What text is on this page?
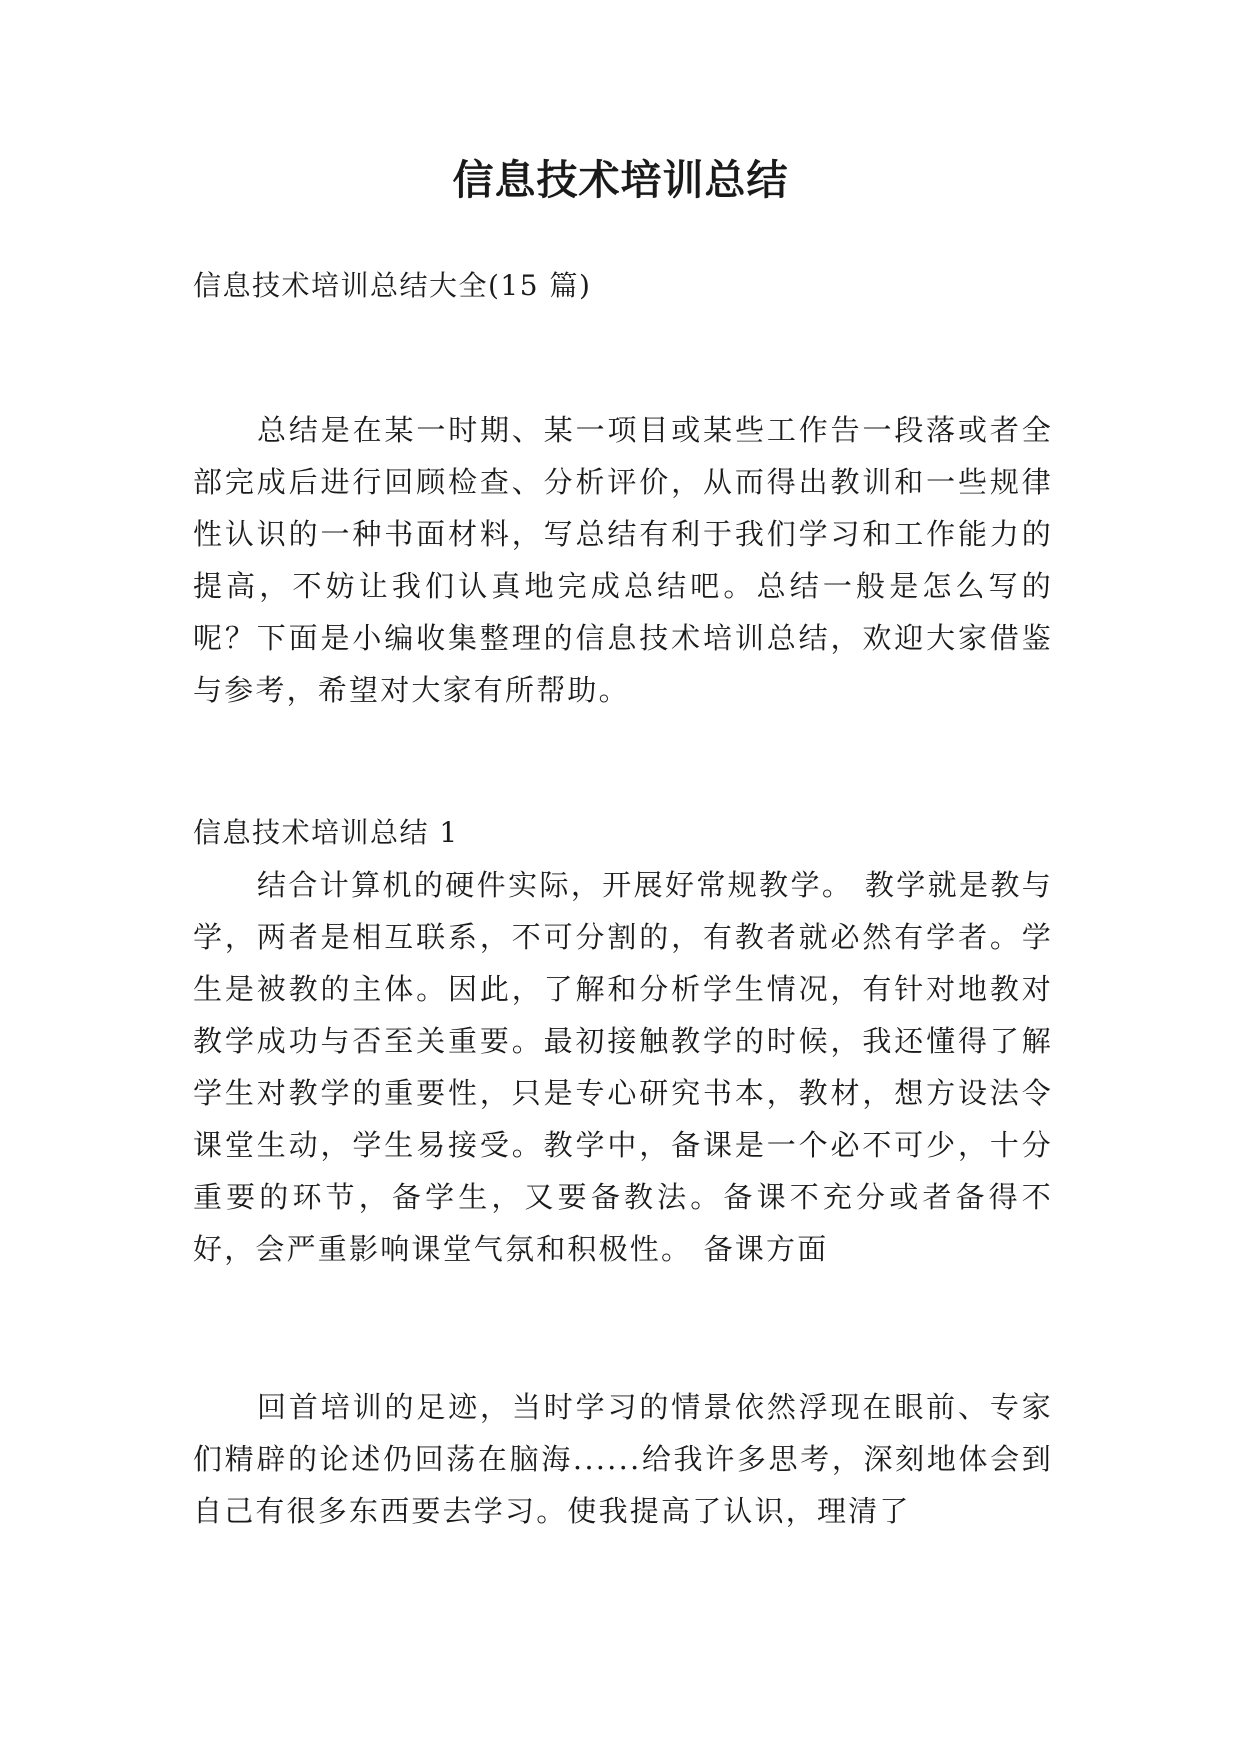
信息技术培训总结

信息技术培训总结大全(15 篇)

总结是在某一时期、某一项目或某些工作告一段落或者全部完成后进行回顾检查、分析评价，从而得出教训和一些规律性认识的一种书面材料，写总结有利于我们学习和工作能力的提高，不妨让我们认真地完成总结吧。总结一般是怎么写的呢？下面是小编收集整理的信息技术培训总结，欢迎大家借鉴与参考，希望对大家有所帮助。

信息技术培训总结 1

结合计算机的硬件实际，开展好常规教学。 教学就是教与学，两者是相互联系，不可分割的，有教者就必然有学者。学生是被教的主体。因此，了解和分析学生情况，有针对地教对教学成功与否至关重要。最初接触教学的时候，我还懂得了解学生对教学的重要性，只是专心研究书本，教材，想方设法令课堂生动，学生易接受。教学中，备课是一个必不可少，十分重要的环节，备学生，又要备教法。备课不充分或者备得不好，会严重影响课堂气氛和积极性。 备课方面

回首培训的足迹，当时学习的情景依然浮现在眼前、专家们精辟的论述仍回荡在脑海......给我许多思考，深刻地体会到自己有很多东西要去学习。使我提高了认识，理清了
